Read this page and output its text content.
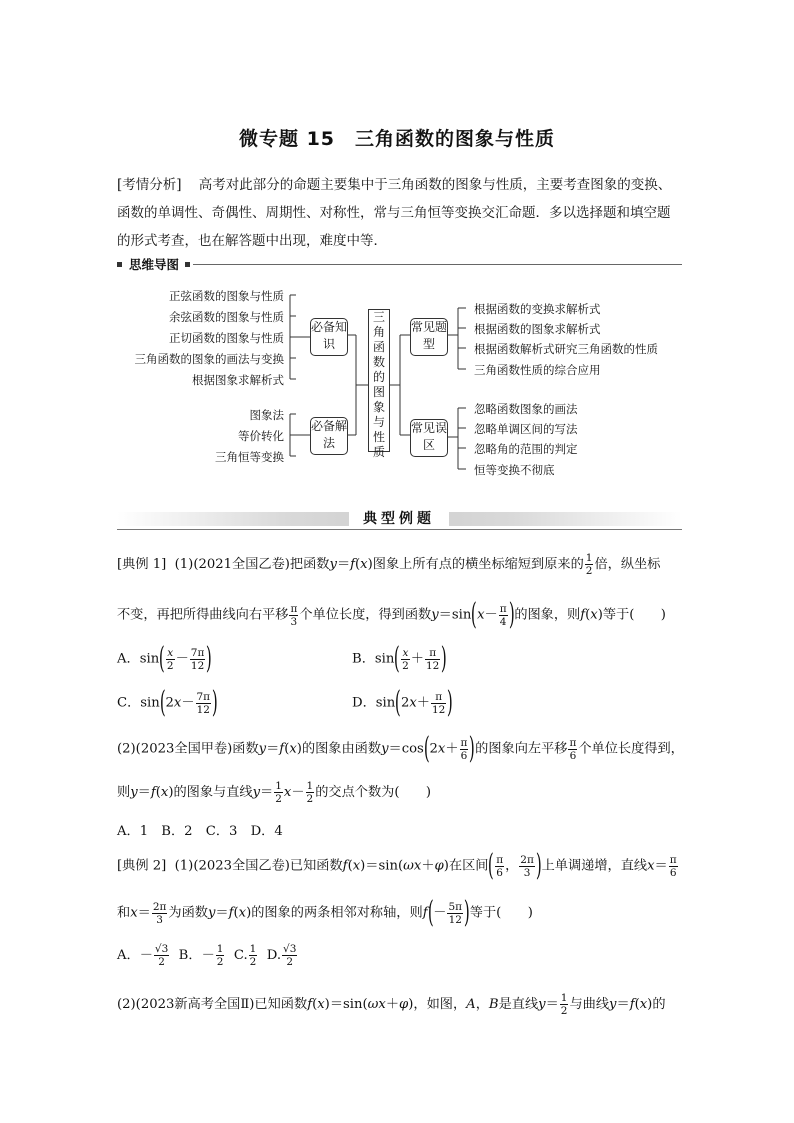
微专题 15　三角函数的图象与性质
[考情分析] 高考对此部分的命题主要集中于三角函数的图象与性质，主要考查图象的变换、函数的单调性、奇偶性、周期性、对称性，常与三角恒等变换交汇命题．多以选择题和填空题的形式考查，也在解答题中出现，难度中等．
思维导图
正弦函数的图象与性质
余弦函数的图象与性质
正切函数的图象与性质
三角函数的图象的画法与变换
根据图象求解析式
图象法
等价转化
三角恒等变换
必备知识
必备解法
三角函数的图象与性质
常见题型
常见误区
根据函数的变换求解析式
根据函数的图象求解析式
根据函数解析式研究三角函数的性质
三角函数性质的综合应用
忽略函数图象的画法
忽略单调区间的写法
忽略角的范围的判定
恒等变换不彻底
典型例题
[典例 1] (1)(2021全国乙卷)把函数y＝f(x)图象上所有点的横坐标缩短到原来的 $\frac{1}{2}$ 倍，纵坐标
不变，再把所得曲线向右平移 $\frac{\pi}{3}$ 个单位长度，得到函数$y=\sin(x- \frac{\pi}{4}$ )的图象，则f(x)等于(　　)
A．$\sin( \frac{x}{2} - \frac{7\pi}{12}$ )	B．$\sin( \frac{x}{2} + \frac{\pi}{12}$ )
C．$\sin(2x- \frac{7\pi}{12}$ )	D．$\sin(2x+ \frac{\pi}{12}$ )
(2)(2023全国甲卷)函数y＝f(x)的图象由函数$y=\cos(2x+ \frac{\pi}{6}$ )的图象向左平移 $\frac{\pi}{6}$ 个单位长度得到，
则y＝f(x)的图象与直线$y= \frac{1}{2} x- \frac{1}{2}$ 的交点个数为(　　)
A．1　B．2　C．3　D．4
[典例 2] (1)(2023全国乙卷)已知函数f(x)＝sin(ωx＋φ)在区间( $\frac{\pi}{6}$ ， $\frac{2\pi}{3}$ )上单调递增，直线$x= \frac{\pi}{6}$
和$x= \frac{2\pi}{3}$ 为函数y＝f(x)的图象的两条相邻对称轴，则$f(- \frac{5\pi}{12}$ )等于(　　)
A．－ $\frac{√3}{2}$ B．－ $\frac{1}{2} C$. $\frac{1}{2} D$. $\frac{√3}{2}$
(2)(2023新高考全国Ⅱ)已知函数f(x)＝sin(ωx＋φ)，如图，A，B是直线$y= \frac{1}{2}$ 与曲线y＝f(x)的
